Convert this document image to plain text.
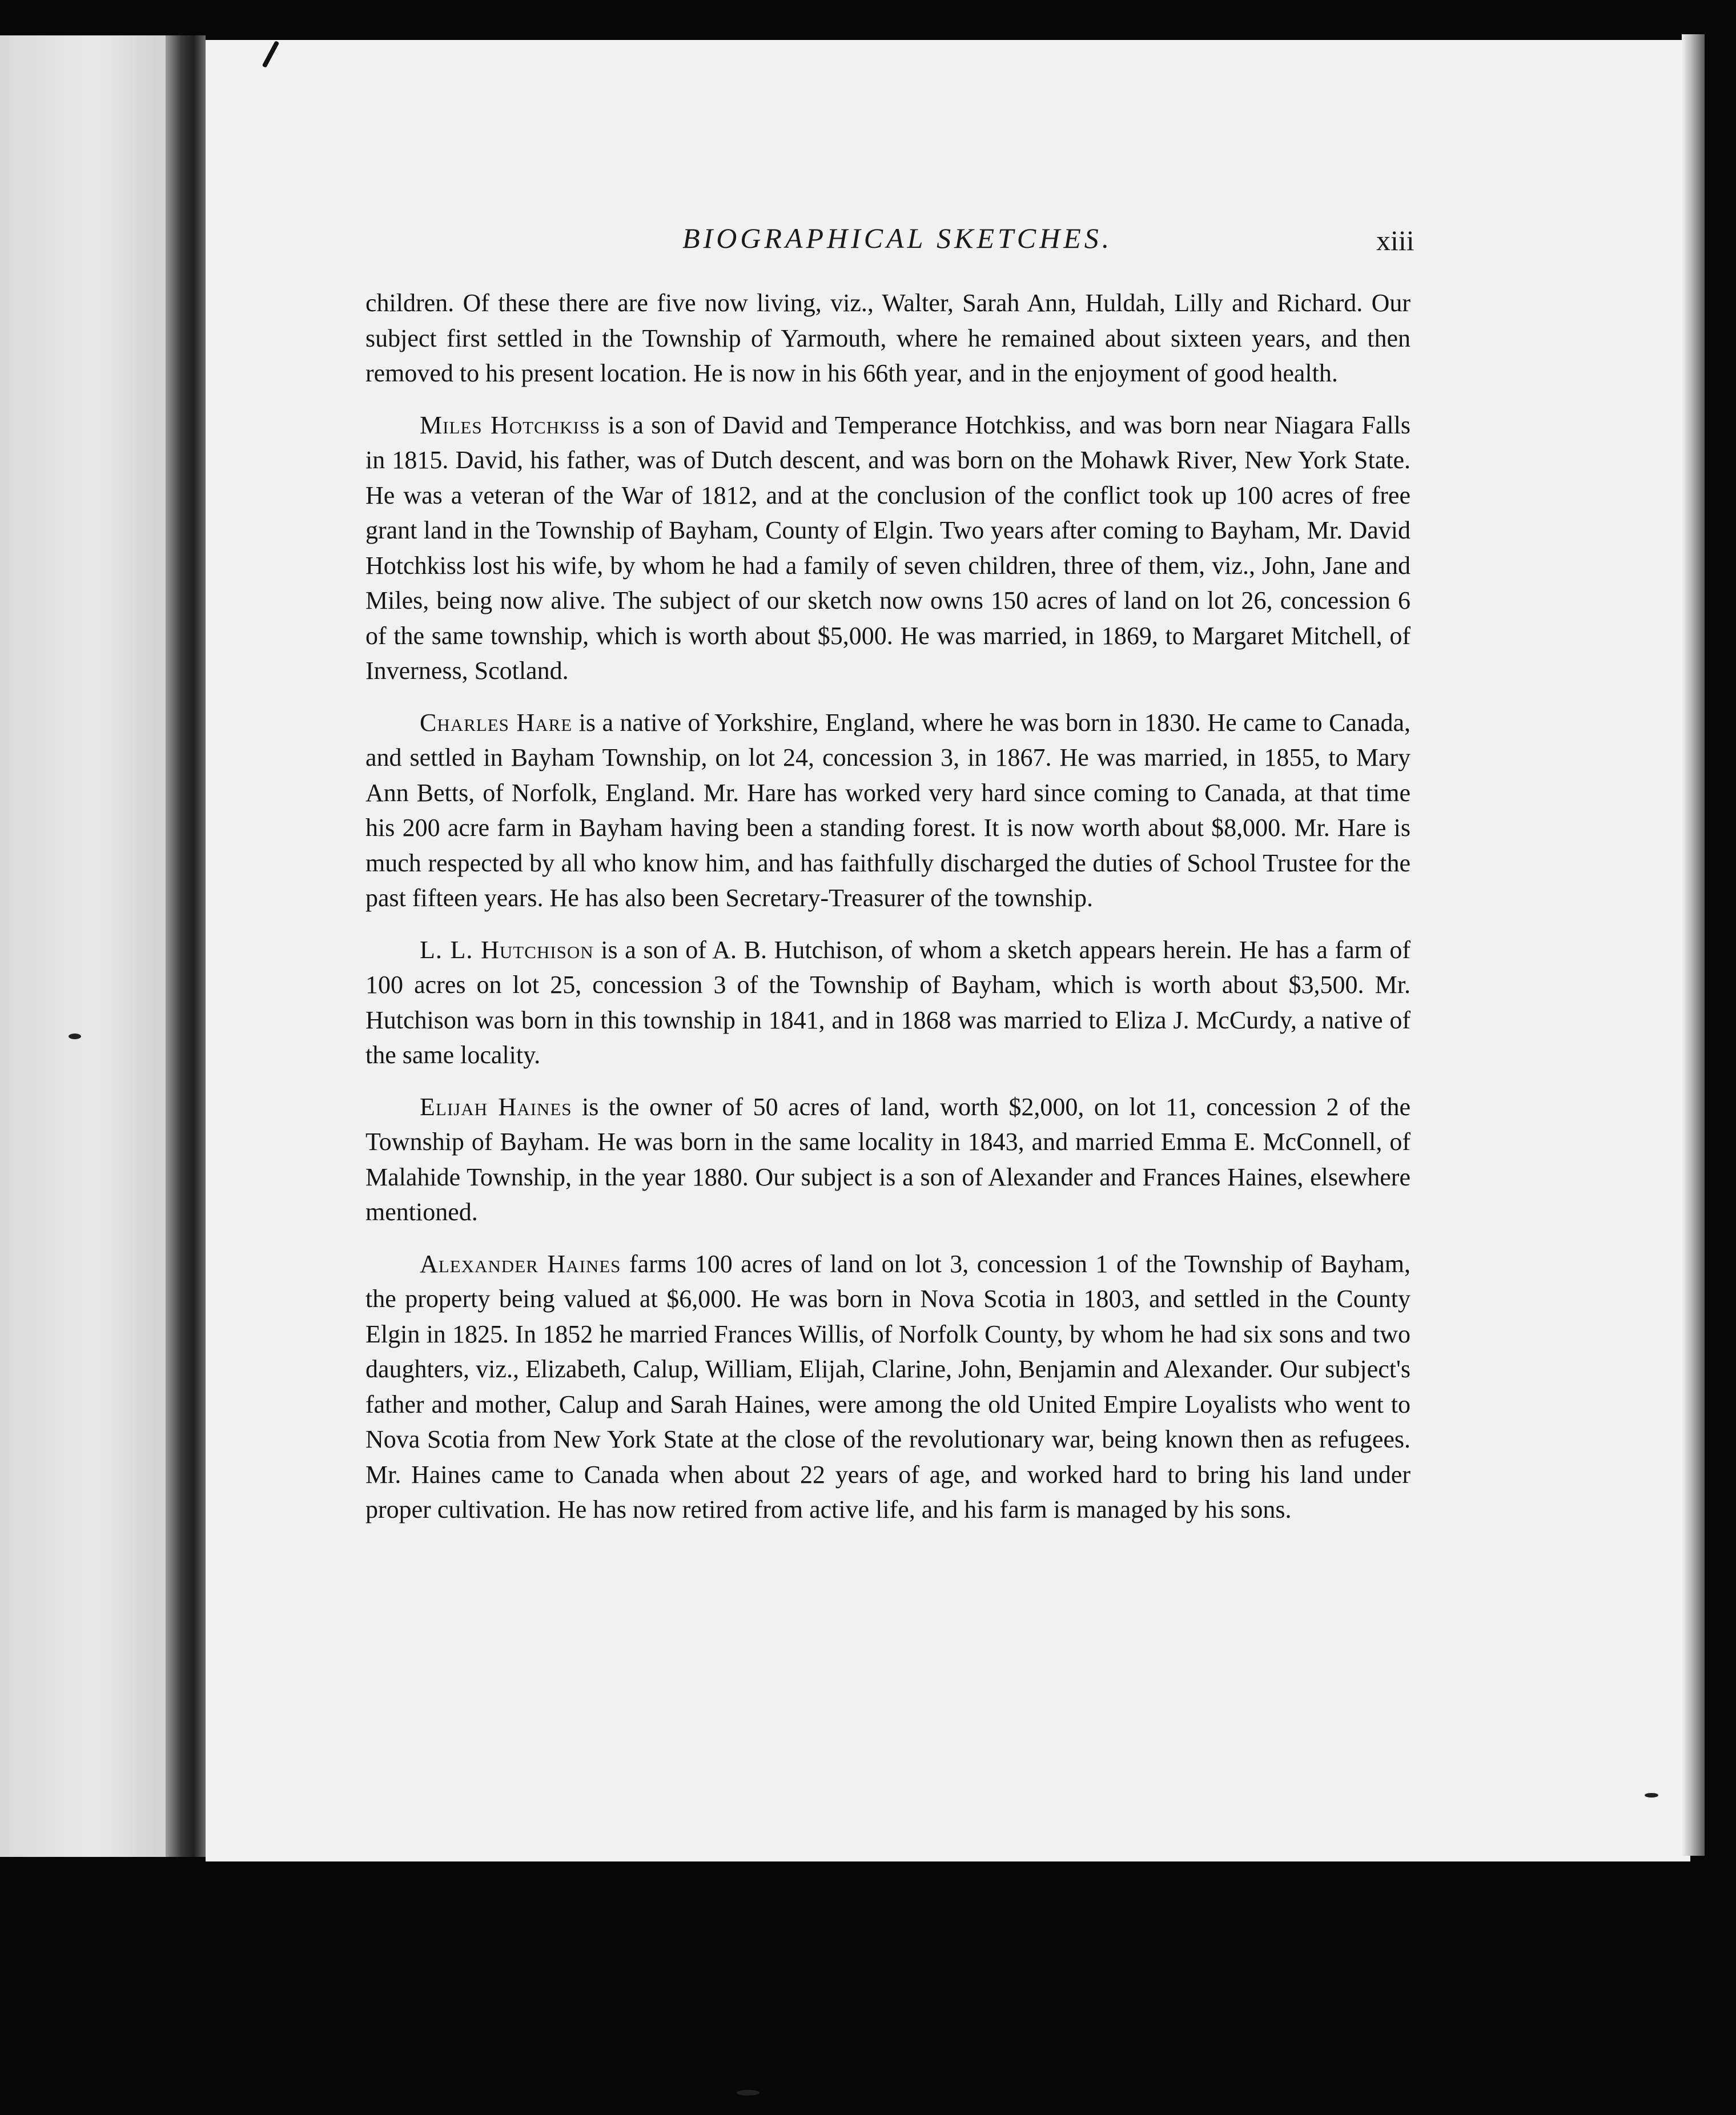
BIOGRAPHICAL SKETCHES.	xiii

children. Of these there are five now living, viz., Walter, Sarah Ann, Huldah, Lilly and Richard. Our subject first settled in the Township of Yarmouth, where he remained about sixteen years, and then removed to his present location. He is now in his 66th year, and in the enjoyment of good health.

Miles Hotchkiss is a son of David and Temperance Hotchkiss, and was born near Niagara Falls in 1815. David, his father, was of Dutch descent, and was born on the Mohawk River, New York State. He was a veteran of the War of 1812, and at the conclusion of the conflict took up 100 acres of free grant land in the Township of Bayham, County of Elgin. Two years after coming to Bayham, Mr. David Hotchkiss lost his wife, by whom he had a family of seven children, three of them, viz., John, Jane and Miles, being now alive. The subject of our sketch now owns 150 acres of land on lot 26, concession 6 of the same township, which is worth about $5,000. He was married, in 1869, to Margaret Mitchell, of Inverness, Scotland.

Charles Hare is a native of Yorkshire, England, where he was born in 1830. He came to Canada, and settled in Bayham Township, on lot 24, concession 3, in 1867. He was married, in 1855, to Mary Ann Betts, of Norfolk, England. Mr. Hare has worked very hard since coming to Canada, at that time his 200 acre farm in Bayham having been a standing forest. It is now worth about $8,000. Mr. Hare is much respected by all who know him, and has faithfully discharged the duties of School Trustee for the past fifteen years. He has also been Secretary-Treasurer of the township.

L. L. Hutchison is a son of A. B. Hutchison, of whom a sketch appears herein. He has a farm of 100 acres on lot 25, concession 3 of the Township of Bayham, which is worth about $3,500. Mr. Hutchison was born in this township in 1841, and in 1868 was married to Eliza J. McCurdy, a native of the same locality.

Elijah Haines is the owner of 50 acres of land, worth $2,000, on lot 11, concession 2 of the Township of Bayham. He was born in the same locality in 1843, and married Emma E. McConnell, of Malahide Township, in the year 1880. Our subject is a son of Alexander and Frances Haines, elsewhere mentioned.

Alexander Haines farms 100 acres of land on lot 3, concession 1 of the Township of Bayham, the property being valued at $6,000. He was born in Nova Scotia in 1803, and settled in the County Elgin in 1825. In 1852 he married Frances Willis, of Norfolk County, by whom he had six sons and two daughters, viz., Elizabeth, Calup, William, Elijah, Clarine, John, Benjamin and Alexander. Our subject's father and mother, Calup and Sarah Haines, were among the old United Empire Loyalists who went to Nova Scotia from New York State at the close of the revolutionary war, being known then as refugees. Mr. Haines came to Canada when about 22 years of age, and worked hard to bring his land under proper cultivation. He has now retired from active life, and his farm is managed by his sons.
